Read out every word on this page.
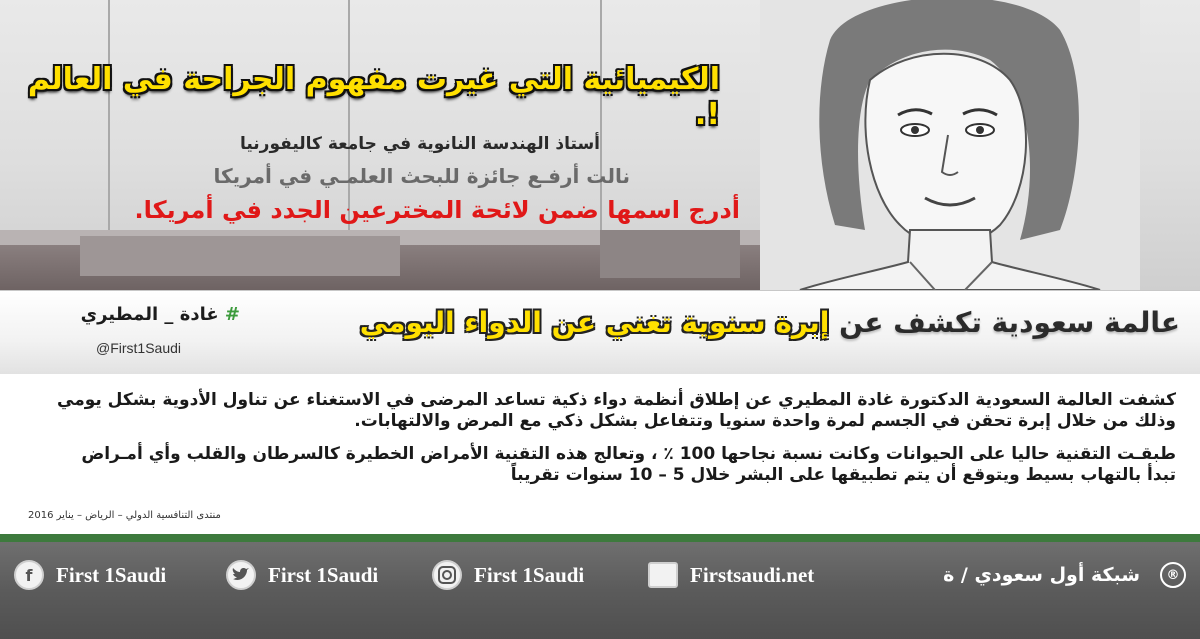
الكيميائية التي غيرت مفهوم الجراحة في العالم !.
أستاذ الهندسة النانوية في جامعة كاليفورنيا
نالت أرفـع جائزة للبحث العلمـي في أمريكا
أدرج اسمها ضمن لائحة المخترعين الجدد في أمريكا.
عالمة سعودية تكشف عن إبرة سنوية تغني عن الدواء اليومي
# غادة _ المطيري
@First1Saudi

كشفت العالمة السعودية الدكتورة غادة المطيري عن إطلاق أنظمة دواء ذكية تساعد المرضى في الاستغناء عن تناول الأدوية بشكل يومي

وذلك من خلال إبرة تحقن في الجسم لمرة واحدة سنويا وتتفاعل بشكل ذكي مع المرض والالتهابات.

طبقـت التقنية حاليا على الحيوانات وكانت نسبة نجاحها 100 ٪ ، وتعالج هذه التقنية الأمراض الخطيرة كالسرطان والقلب وأي أمـراض

تبدأ بالتهاب بسيط ويتوقع أن يتم تطبيقها على البشر خلال 5 – 10 سنوات تقريباً

منتدى التنافسية الدولي – الرياض – يناير 2016
f	First 1Saudi	First 1Saudi	First 1Saudi	Firstsaudi.net	شبكة أول سعودي / ة	®
